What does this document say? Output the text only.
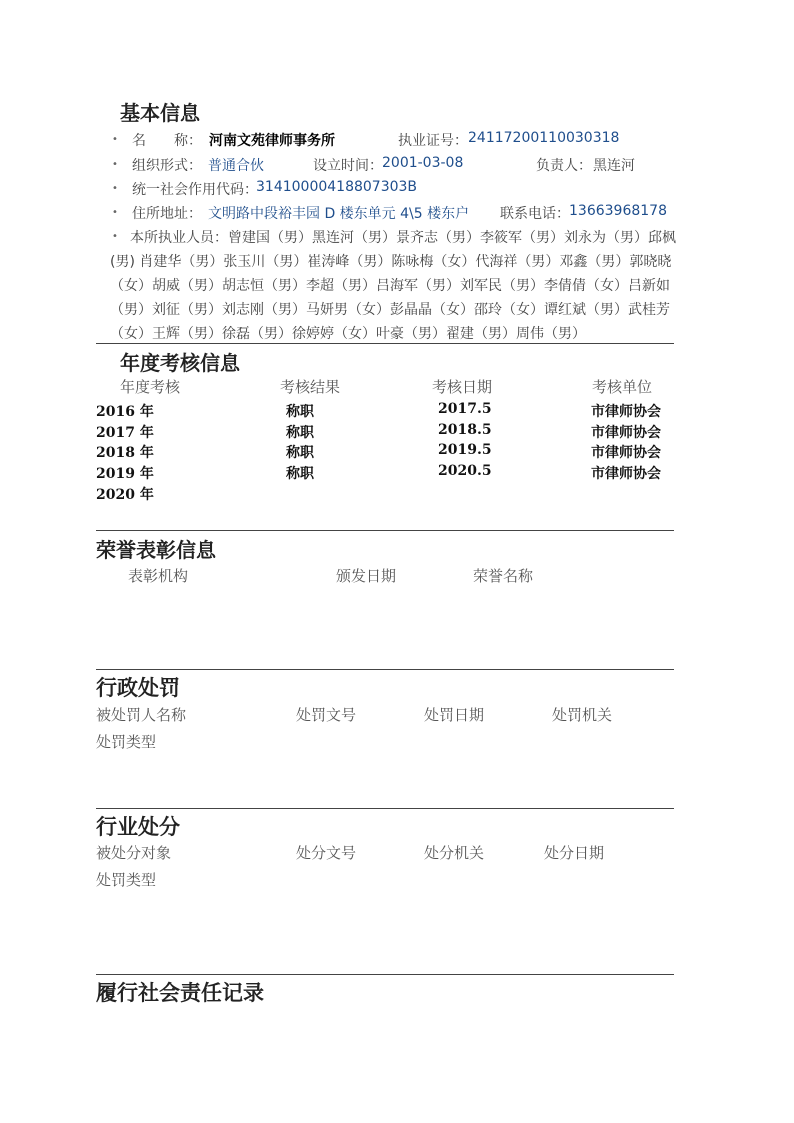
基本信息
• 名　　称： 河南文苑律师事务所	执业证号： 24117200110030318
• 组织形式： 普通合伙	设立时间： 2001-03-08	负责人： 黑连河
• 统一社会作用代码：
31410000418807303B
• 住所地址： 文明路中段裕丰园 D 楼东单元 4\5 楼东户 联系电话： 13663968178
• 本所执业人员：曾建国（男）黑连河（男）景齐志（男）李筱军（男）刘永为（男）邱枫(男) 肖建华（男）张玉川（男）崔涛峰（男）陈咏梅（女）代海祥（男）邓鑫（男）郭晓晓（女）胡威（男）胡志恒（男）李超（男）吕海军（男）刘军民（男）李倩倩（女）吕新如（男）刘征（男）刘志刚（男）马妍男（女）彭晶晶（女）邵玲（女）谭红斌（男）武桂芳（女）王辉（男）徐磊（男）徐婷婷（女）叶豪（男）翟建（男）周伟（男）
年度考核信息
年度考核	考核结果	考核日期	考核单位
2016 年	称职	2017.5	市律师协会
2017 年	称职	2018.5	市律师协会
2018 年	称职	2019.5	市律师协会
2019 年	称职	2020.5	市律师协会
2020 年
荣誉表彰信息
表彰机构	颁发日期	荣誉名称
行政处罚
被处罚人名称	处罚文号	处罚日期	处罚机关
处罚类型
行业处分
被处分对象	处分文号	处分机关	处分日期
处罚类型
履行社会责任记录
